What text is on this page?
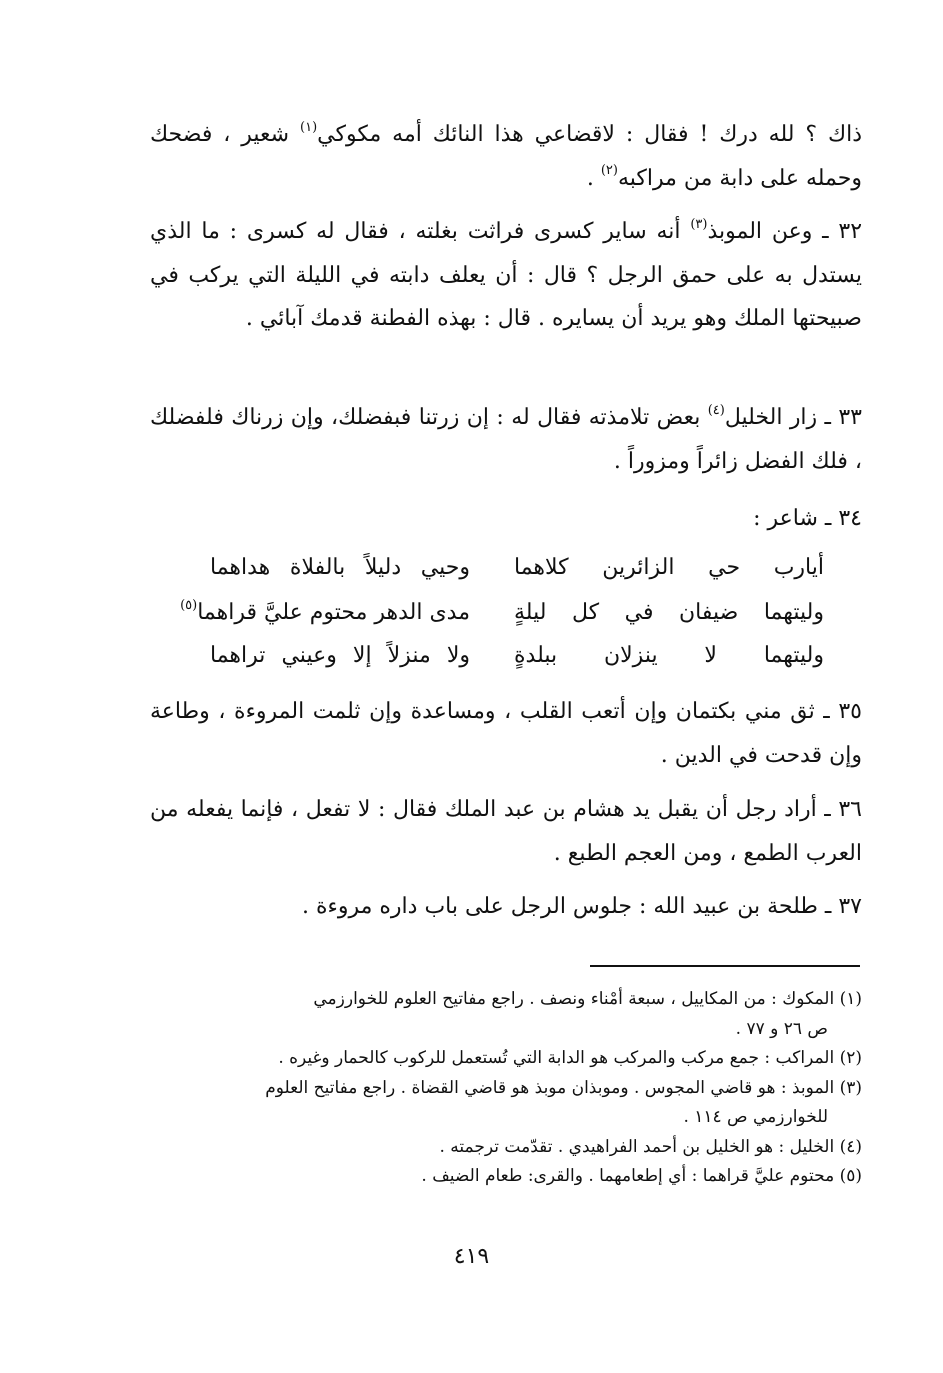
ذاك ؟ لله درك ! فقال : لاقضاعي هذا النائك أمه مكوكي$^{(١)}$ شعير ، فضحك وحمله على دابة من مراكبه$^{(٢)}$ .
٣٢ ـ وعن الموبذ$^{(٣)}$ أنه ساير كسرى فراثت بغلته ، فقال له كسرى : ما الذي يستدل به على حمق الرجل ؟ قال : أن يعلف دابته في الليلة التي يركب في صبيحتها الملك وهو يريد أن يسايره . قال : بهذه الفطنة قدمك آبائي .
٣٣ ـ زار الخليل$^{(٤)}$ بعض تلامذته فقال له : إن زرتنا فبفضلك، وإن زرناك فلفضلك ، فلك الفضل زائراً ومزوراً .
٣٤ ـ شاعر :
أيارب حي الزائرين كلاهما
وحيي دليلاً بالفلاة هداهما
وليتهما ضيفان في كل ليلةٍ
مدى الدهر محتوم عليَّ قراهما$^{(٥)}$
وليتهما لا ينزلان ببلدةٍ
ولا منزلاً إلا وعيني تراهما
٣٥ ـ ثق مني بكتمان وإن أتعب القلب ، ومساعدة وإن ثلمت المروءة ، وطاعة وإن قدحت في الدين .
٣٦ ـ أراد رجل أن يقبل يد هشام بن عبد الملك فقال : لا تفعل ، فإنما يفعله من العرب الطمع ، ومن العجم الطبع .
٣٧ ـ طلحة بن عبيد الله : جلوس الرجل على باب داره مروءة .
(١) المكوك : من المكاييل ، سبعة أمْناء ونصف . راجع مفاتيح العلوم للخوارزمي
ص ٢٦ و ٧٧ .
(٢) المراكب : جمع مركب والمركب هو الدابة التي تُستعمل للركوب كالحمار وغيره .
(٣) الموبذ : هو قاضي المجوس . وموبذان موبذ هو قاضي القضاة . راجع مفاتيح العلوم
للخوارزمي ص ١١٤ .
(٤) الخليل : هو الخليل بن أحمد الفراهيدي . تقدّمت ترجمته .
(٥) محتوم عليَّ قراهما : أي إطعامهما . والقرى: طعام الضيف .
٤١٩
